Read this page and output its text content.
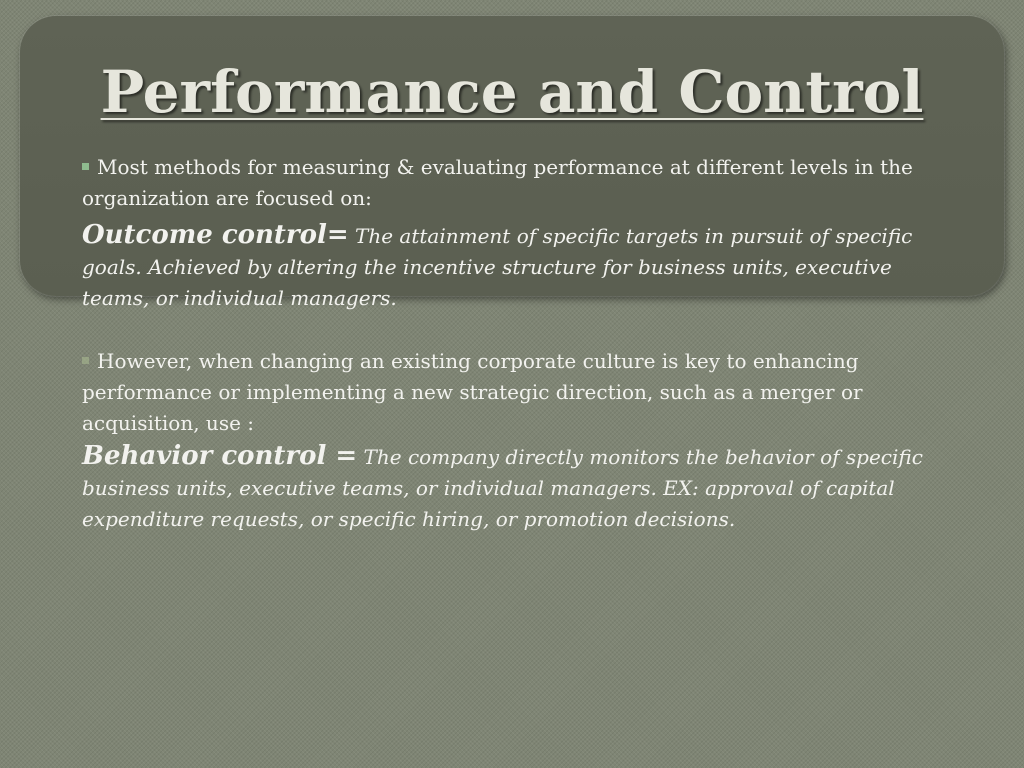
Performance and Control

Most methods for measuring & evaluating performance at different levels in the organization are focused on:

Outcome control= The attainment of specific targets in pursuit of specific goals. Achieved by altering the incentive structure for business units, executive teams, or individual managers.

However, when changing an existing corporate culture is key to enhancing performance or implementing a new strategic direction, such as a merger or acquisition, use :

Behavior control = The company directly monitors the behavior of specific business units, executive teams, or individual managers. EX: approval of capital expenditure requests, or specific hiring, or promotion decisions.
